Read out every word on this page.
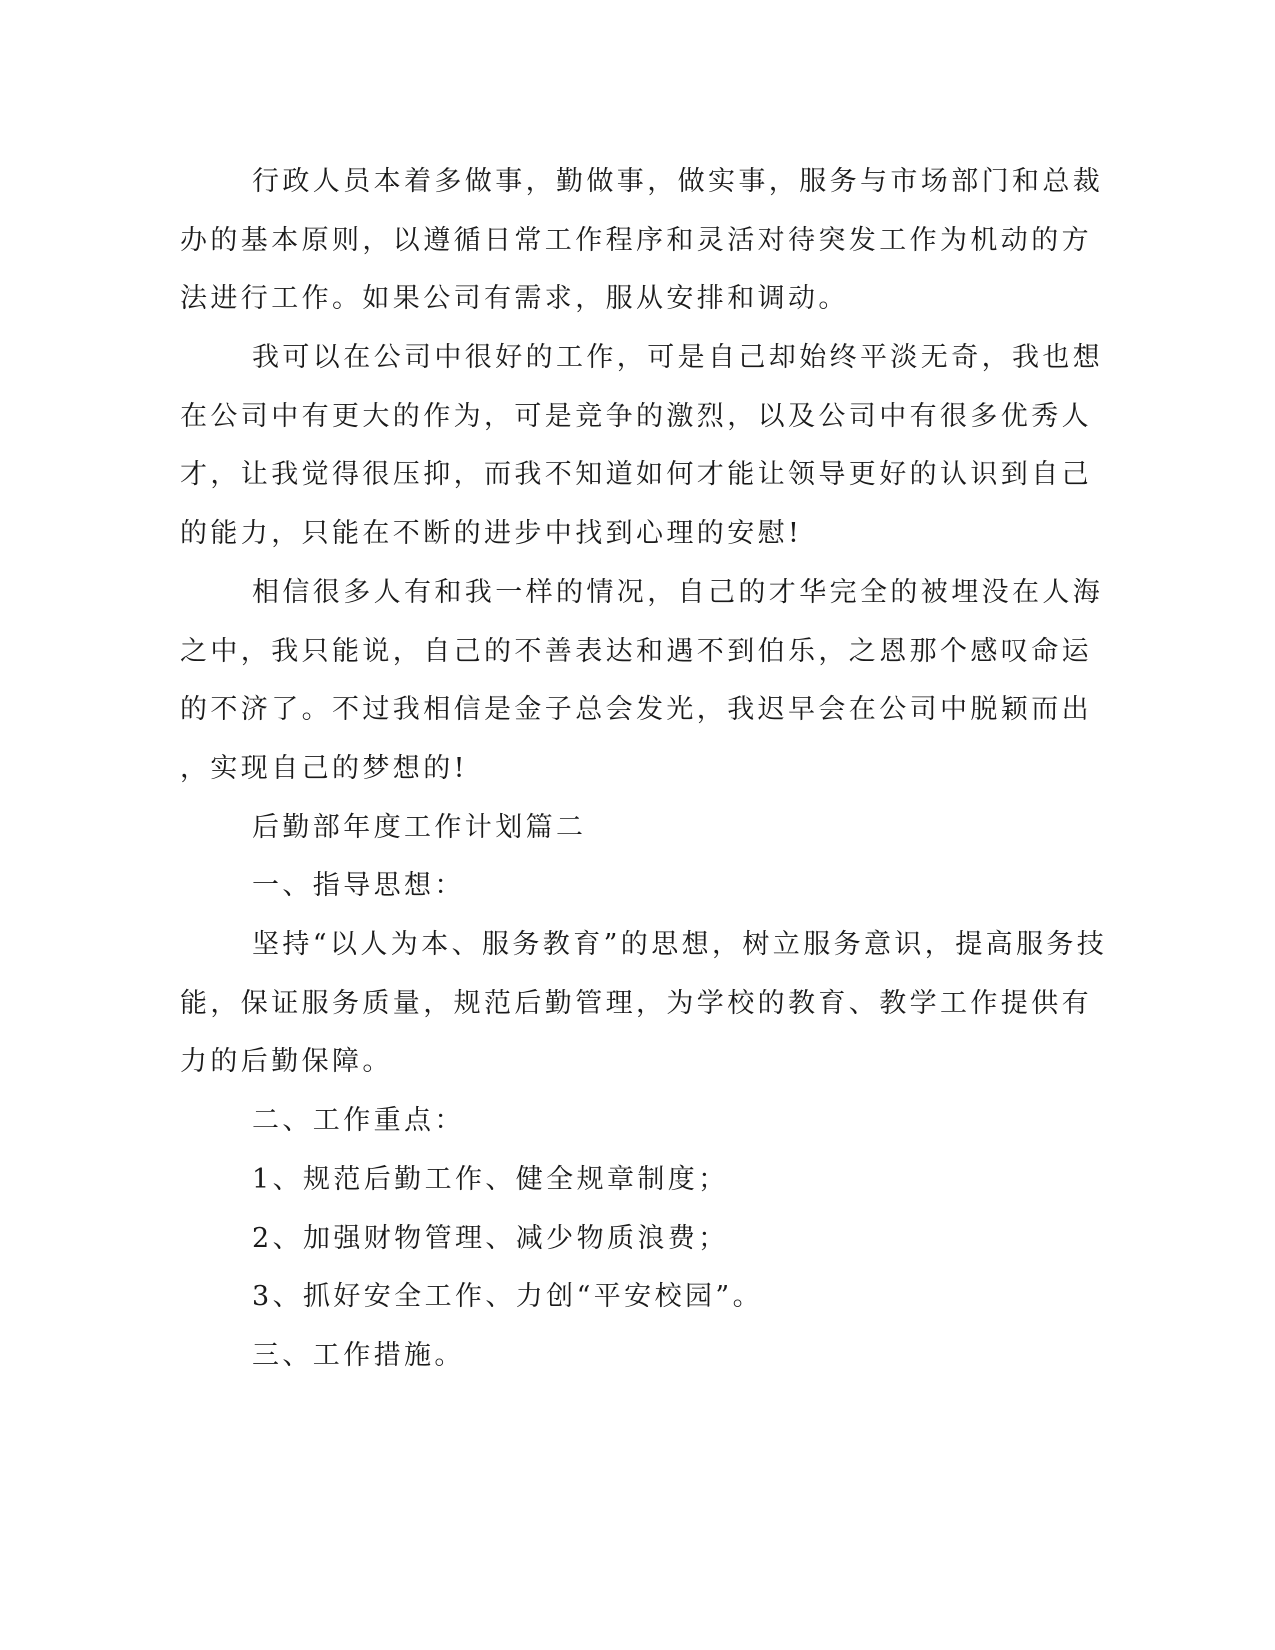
行政人员本着多做事，勤做事，做实事，服务与市场部门和总裁
办的基本原则，以遵循日常工作程序和灵活对待突发工作为机动的方
法进行工作。如果公司有需求，服从安排和调动。
我可以在公司中很好的工作，可是自己却始终平淡无奇，我也想
在公司中有更大的作为，可是竞争的激烈，以及公司中有很多优秀人
才，让我觉得很压抑，而我不知道如何才能让领导更好的认识到自己
的能力，只能在不断的进步中找到心理的安慰!
相信很多人有和我一样的情况，自己的才华完全的被埋没在人海
之中，我只能说，自己的不善表达和遇不到伯乐，之恩那个感叹命运
的不济了。不过我相信是金子总会发光，我迟早会在公司中脱颖而出
，实现自己的梦想的!
后勤部年度工作计划篇二
一、指导思想：
坚持“以人为本、服务教育”的思想，树立服务意识，提高服务技
能，保证服务质量，规范后勤管理，为学校的教育、教学工作提供有
力的后勤保障。
二、工作重点：
1、规范后勤工作、健全规章制度；
2、加强财物管理、减少物质浪费；
3、抓好安全工作、力创“平安校园”。
三、工作措施。
